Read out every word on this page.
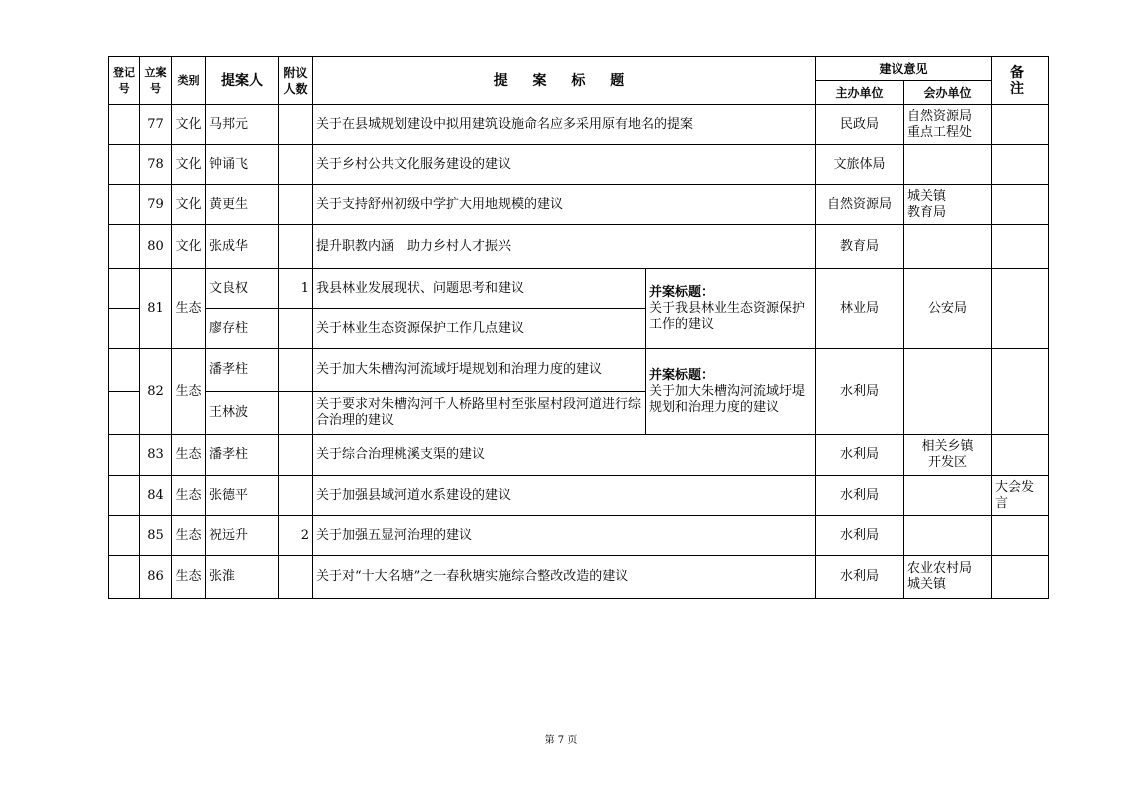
登记号	立案号	类别	提案人	附议人数	提 案 标 题		建议意见		备 注
							主办单位	会办单位	
	77	文化	马邦元		关于在县城规划建设中拟用建筑设施命名应多采用原有地名的提案		民政局	自然资源局
重点工程处	
	78	文化	钟诵飞		关于乡村公共文化服务建设的建议		文旅体局		
	79	文化	黄更生		关于支持舒州初级中学扩大用地规模的建议		自然资源局	城关镇
教育局	
	80	文化	张成华		提升职教内涵　助力乡村人才振兴		教育局		
	81	生态	文良权	1	我县林业发展现状、问题思考和建议	并案标题：
关于我县林业生态资源保护工作的建议	林业局	公安局	
			廖存柱		关于林业生态资源保护工作几点建议				
	82	生态	潘孝柱		关于加大朱槽沟河流域圩堤规划和治理力度的建议	并案标题：
关于加大朱槽沟河流域圩堤规划和治理力度的建议	水利局		
			王林波		关于要求对朱槽沟河千人桥路里村至张屋村段河道进行综合治理的建议				
	83	生态	潘孝柱		关于综合治理桃溪支渠的建议		水利局	相关乡镇
开发区	
	84	生态	张德平		关于加强县域河道水系建设的建议		水利局		大会发言
	85	生态	祝远升	2	关于加强五显河治理的建议		水利局		
	86	生态	张淮		关于对“十大名塘”之一春秋塘实施综合整改改造的建议		水利局	农业农村局
城关镇	
第 7 页
